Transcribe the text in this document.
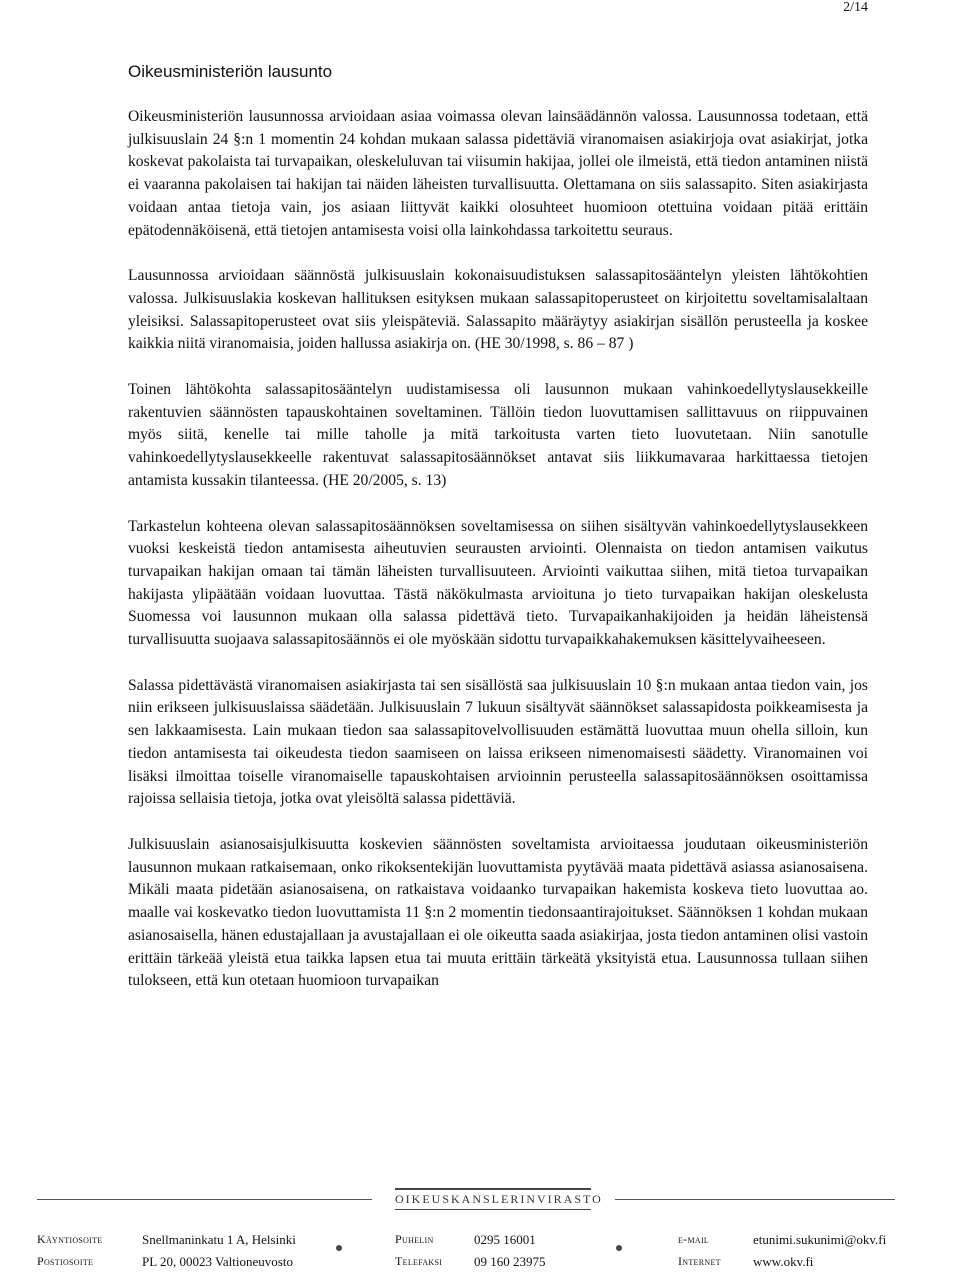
2/14
Oikeusministeriön lausunto

Oikeusministeriön lausunnossa arvioidaan asiaa voimassa olevan lainsäädännön valossa. Lausunnossa todetaan, että julkisuuslain 24 §:n 1 momentin 24 kohdan mukaan salassa pidettäviä viranomaisen asiakirjoja ovat asiakirjat, jotka koskevat pakolaista tai turvapaikan, oleskeluluvan tai viisumin hakijaa, jollei ole ilmeistä, että tiedon antaminen niistä ei vaaranna pakolaisen tai hakijan tai näiden läheisten turvallisuutta. Olettamana on siis salassapito. Siten asiakirjasta voidaan antaa tietoja vain, jos asiaan liittyvät kaikki olosuhteet huomioon otettuina voidaan pitää erittäin epätodennäköisenä, että tietojen antamisesta voisi olla lainkohdassa tarkoitettu seuraus.

Lausunnossa arvioidaan säännöstä julkisuuslain kokonaisuudistuksen salassapitosääntelyn yleisten lähtökohtien valossa. Julkisuuslakia koskevan hallituksen esityksen mukaan salassapitoperusteet on kirjoitettu soveltamisalaltaan yleisiksi. Salassapitoperusteet ovat siis yleispäteviä. Salassapito määräytyy asiakirjan sisällön perusteella ja koskee kaikkia niitä viranomaisia, joiden hallussa asiakirja on. (HE 30/1998, s. 86 – 87 )

Toinen lähtökohta salassapitosääntelyn uudistamisessa oli lausunnon mukaan vahinkoedellytyslausekkeille rakentuvien säännösten tapauskohtainen soveltaminen. Tällöin tiedon luovuttamisen sallittavuus on riippuvainen myös siitä, kenelle tai mille taholle ja mitä tarkoitusta varten tieto luovutetaan. Niin sanotulle vahinkoedellytyslausekkeelle rakentuvat salassapitosäännökset antavat siis liikkumavaraa harkittaessa tietojen antamista kussakin tilanteessa. (HE 20/2005, s. 13)

Tarkastelun kohteena olevan salassapitosäännöksen soveltamisessa on siihen sisältyvän vahinkoedellytyslausekkeen vuoksi keskeistä tiedon antamisesta aiheutuvien seurausten arviointi. Olennaista on tiedon antamisen vaikutus turvapaikan hakijan omaan tai tämän läheisten turvallisuuteen. Arviointi vaikuttaa siihen, mitä tietoa turvapaikan hakijasta ylipäätään voidaan luovuttaa. Tästä näkökulmasta arvioituna jo tieto turvapaikan hakijan oleskelusta Suomessa voi lausunnon mukaan olla salassa pidettävä tieto. Turvapaikanhakijoiden ja heidän läheistensä turvallisuutta suojaava salassapitosäännös ei ole myöskään sidottu turvapaikkahakemuksen käsittelyvaiheeseen.

Salassa pidettävästä viranomaisen asiakirjasta tai sen sisällöstä saa julkisuuslain 10 §:n mukaan antaa tiedon vain, jos niin erikseen julkisuuslaissa säädetään. Julkisuuslain 7 lukuun sisältyvät säännökset salassapidosta poikkeamisesta ja sen lakkaamisesta. Lain mukaan tiedon saa salassapitovelvollisuuden estämättä luovuttaa muun ohella silloin, kun tiedon antamisesta tai oikeudesta tiedon saamiseen on laissa erikseen nimenomaisesti säädetty. Viranomainen voi lisäksi ilmoittaa toiselle viranomaiselle tapauskohtaisen arvioinnin perusteella salassapitosäännöksen osoittamissa rajoissa sellaisia tietoja, jotka ovat yleisöltä salassa pidettäviä.

Julkisuuslain asianosaisjulkisuutta koskevien säännösten soveltamista arvioitaessa joudutaan oikeusministeriön lausunnon mukaan ratkaisemaan, onko rikoksentekijän luovuttamista pyytävää maata pidettävä asiassa asianosaisena. Mikäli maata pidetään asianosaisena, on ratkaistava voidaanko turvapaikan hakemista koskeva tieto luovuttaa ao. maalle vai koskevatko tiedon luovuttamista 11 §:n 2 momentin tiedonsaantirajoitukset. Säännöksen 1 kohdan mukaan asianosaisella, hänen edustajallaan ja avustajallaan ei ole oikeutta saada asiakirjaa, josta tiedon antaminen olisi vastoin erittäin tärkeää yleistä etua taikka lapsen etua tai muuta erittäin tärkeätä yksityistä etua. Lausunnossa tullaan siihen tulokseen, että kun otetaan huomioon turvapaikan

OIKEUSKANSLERINVIRASTO
Käyntiosoite	Snellmaninkatu 1 A, Helsinki	Puhelin	0295 16001	e-mail	etunimi.sukunimi@okv.fi
Postiosoite	PL 20, 00023 Valtioneuvosto	Telefaksi 09 160 23975	Internet www.okv.fi
